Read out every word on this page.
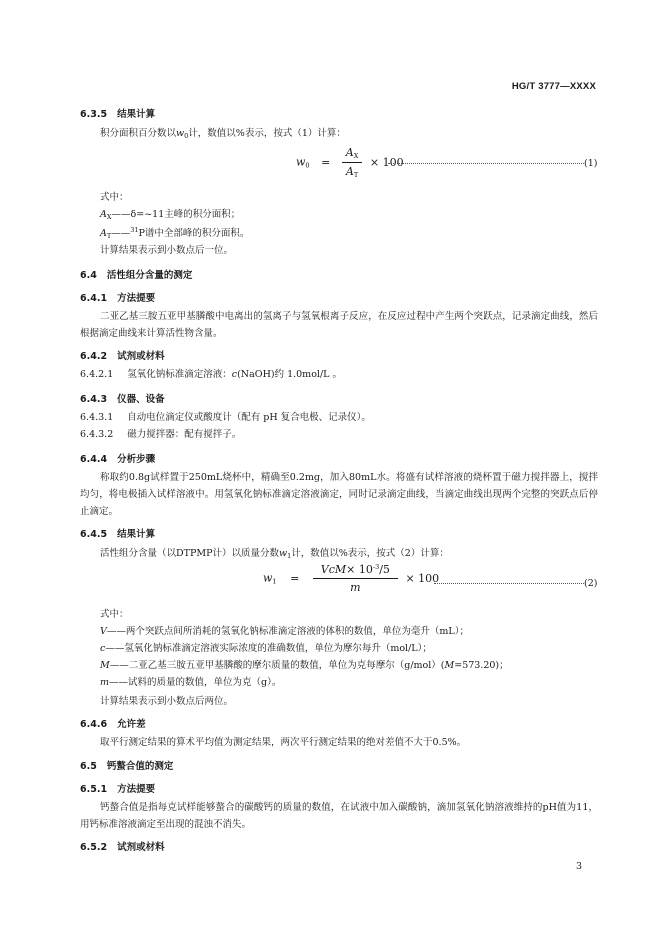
HG/T 3777—XXXX
6.3.5 结果计算
积分面积百分数以$w_0$计，数值以%表示，按式（1）计算：
$w_0 = \frac{A_X}{A_T} \times 100$	(1)
式中：
$A_X——\delta=\sim 11$主峰的积分面积；
$A_T——^{31}P$谱中全部峰的积分面积。
计算结果表示到小数点后一位。
6.4 活性组分含量的测定
6.4.1 方法提要
二亚乙基三胺五亚甲基膦酸中电离出的氢离子与氢氧根离子反应，在反应过程中产生两个突跃点，记录滴定曲线，然后根据滴定曲线来计算活性物含量。
6.4.2 试剂或材料
6.4.2.1 氢氧化钠标准滴定溶液：c(NaOH)约 1.0mol/L 。
6.4.3 仪器、设备
6.4.3.1 自动电位滴定仪或酸度计（配有 pH 复合电极、记录仪）。
6.4.3.2 磁力搅拌器：配有搅拌子。
6.4.4 分析步骤
称取约0.8g试样置于250mL烧杯中，精确至0.2mg，加入80mL水。将盛有试样溶液的烧杯置于磁力搅拌器上，搅拌均匀，将电极插入试样溶液中。用氢氧化钠标准滴定溶液滴定，同时记录滴定曲线，当滴定曲线出现两个完整的突跃点后停止滴定。
6.4.5 结果计算
活性组分含量（以DTPMP计）以质量分数$w_1$计，数值以%表示，按式（2）计算：
$w_1 = \frac{VcM\times 10^{-3}/5}{m} \times 100$	(2)
式中：
V——两个突跃点间所消耗的氢氧化钠标准滴定溶液的体积的数值，单位为毫升（mL）；
c——氢氧化钠标准滴定溶液实际浓度的准确数值，单位为摩尔每升（mol/L）；
M——二亚乙基三胺五亚甲基膦酸的摩尔质量的数值，单位为克每摩尔（g/mol）(M=573.20)；
m——试料的质量的数值，单位为克（g）。
计算结果表示到小数点后两位。
6.4.6 允许差
取平行测定结果的算术平均值为测定结果，两次平行测定结果的绝对差值不大于0.5%。
6.5 钙螯合值的测定
6.5.1 方法提要
钙螯合值是指每克试样能够螯合的碳酸钙的质量的数值，在试液中加入碳酸钠，滴加氢氧化钠溶液维持的pH值为11，用钙标准溶液滴定至出现的混浊不消失。
6.5.2 试剂或材料
3
